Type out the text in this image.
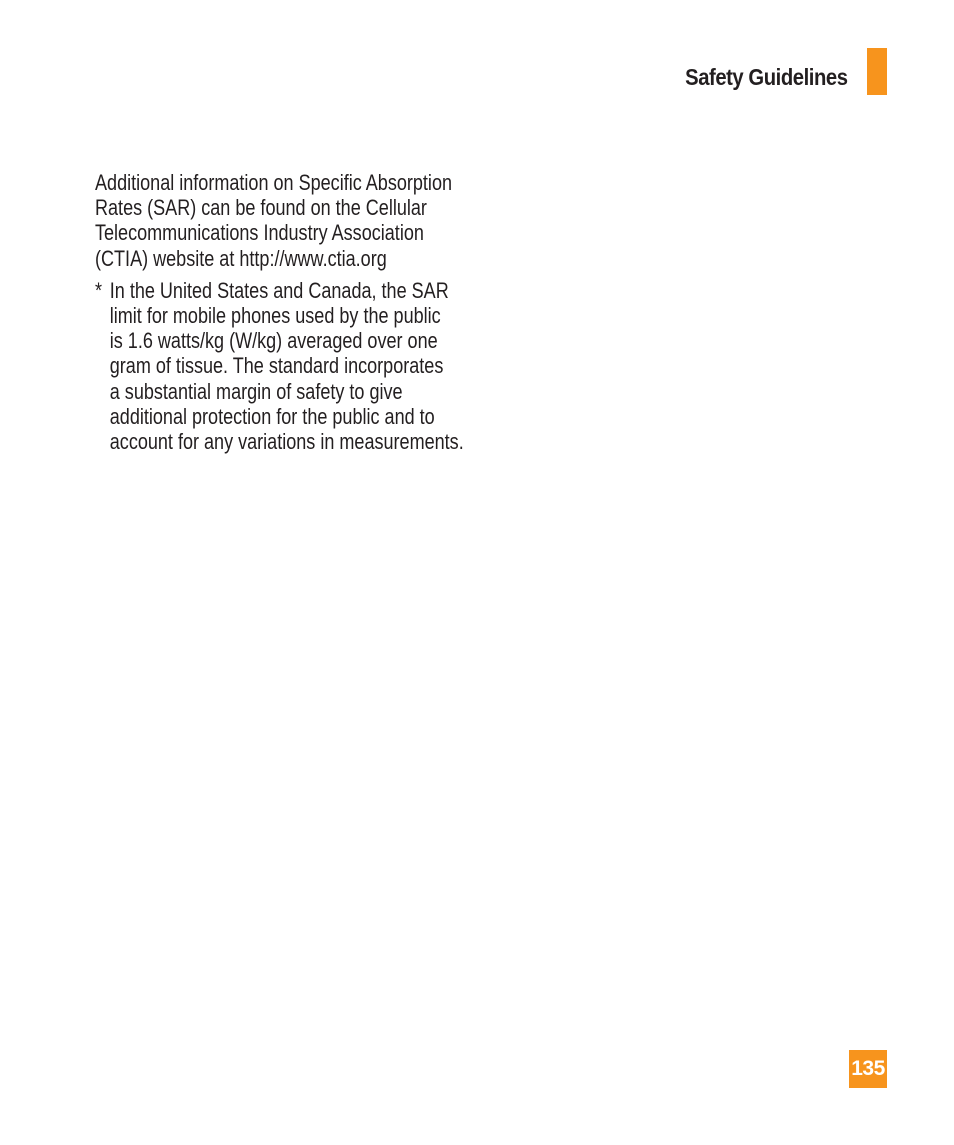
Safety Guidelines

Additional information on Specific Absorption
Rates (SAR) can be found on the Cellular
Telecommunications Industry Association
(CTIA) website at http://www.ctia.org

* In the United States and Canada, the SAR
limit for mobile phones used by the public
is 1.6 watts/kg (W/kg) averaged over one
gram of tissue. The standard incorporates
a substantial margin of safety to give
additional protection for the public and to
account for any variations in measurements.
135
